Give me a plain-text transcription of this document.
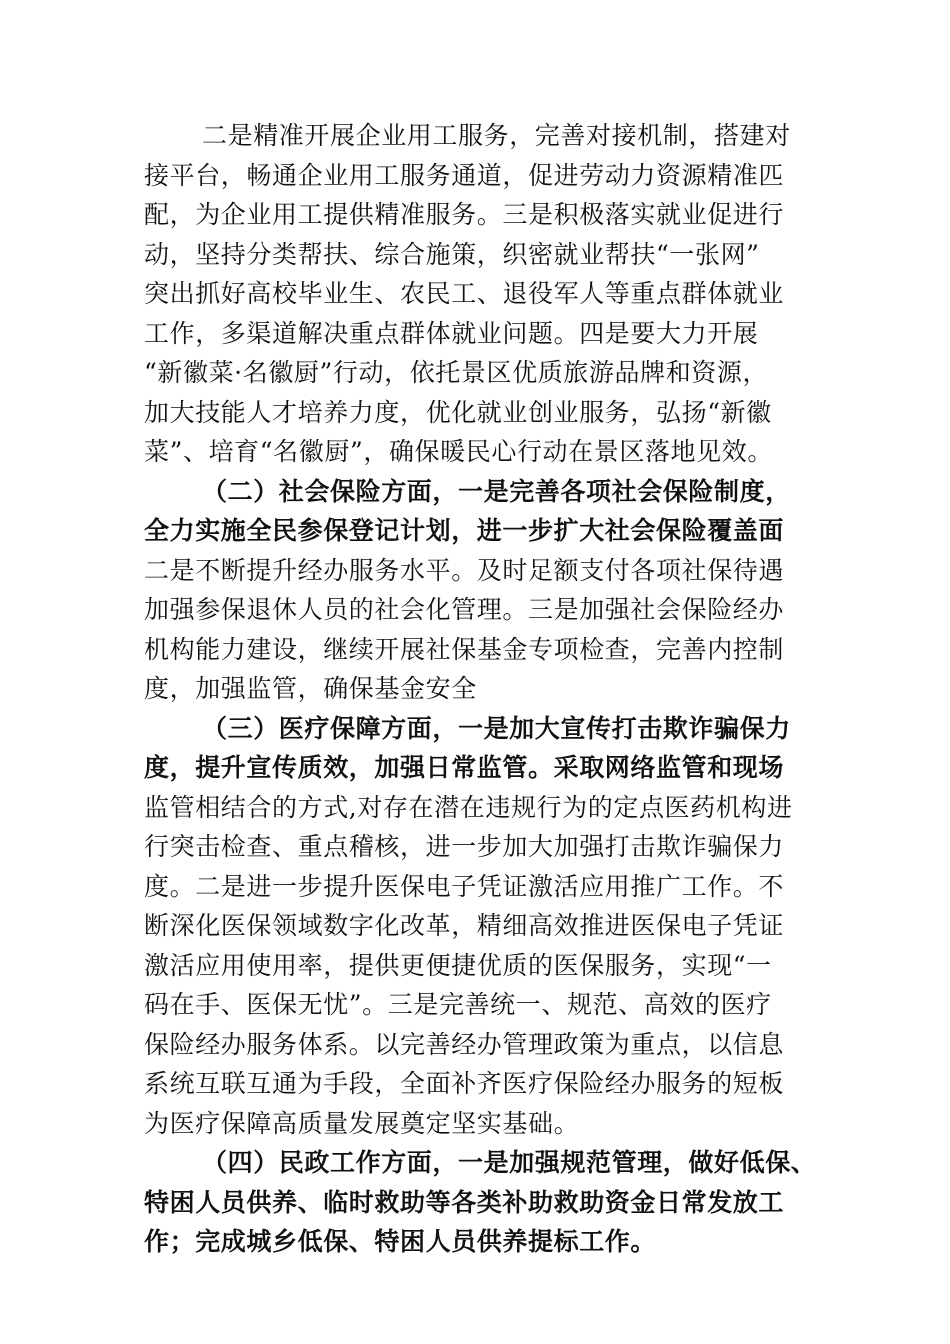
二是精准开展企业用工服务，完善对接机制，搭建对
接平台，畅通企业用工服务通道，促进劳动力资源精准匹
配，为企业用工提供精准服务。三是积极落实就业促进行
动，坚持分类帮扶、综合施策，织密就业帮扶“一张网”
突出抓好高校毕业生、农民工、退役军人等重点群体就业
工作，多渠道解决重点群体就业问题。四是要大力开展
“新徽菜·名徽厨”行动，依托景区优质旅游品牌和资源，
加大技能人才培养力度，优化就业创业服务，弘扬“新徽
菜”、培育“名徽厨”，确保暖民心行动在景区落地见效。
（二）社会保险方面，一是完善各项社会保险制度，
全力实施全民参保登记计划，进一步扩大社会保险覆盖面
二是不断提升经办服务水平。及时足额支付各项社保待遇
加强参保退休人员的社会化管理。三是加强社会保险经办
机构能力建设，继续开展社保基金专项检查，完善内控制
度，加强监管，确保基金安全
（三）医疗保障方面，一是加大宣传打击欺诈骗保力
度，提升宣传质效，加强日常监管。采取网络监管和现场
监管相结合的方式,对存在潜在违规行为的定点医药机构进
行突击检查、重点稽核，进一步加大加强打击欺诈骗保力
度。二是进一步提升医保电子凭证激活应用推广工作。不
断深化医保领域数字化改革，精细高效推进医保电子凭证
激活应用使用率，提供更便捷优质的医保服务，实现“一
码在手、医保无忧”。三是完善统一、规范、高效的医疗
保险经办服务体系。以完善经办管理政策为重点，以信息
系统互联互通为手段，全面补齐医疗保险经办服务的短板
为医疗保障高质量发展奠定坚实基础。
（四）民政工作方面，一是加强规范管理，做好低保、
特困人员供养、临时救助等各类补助救助资金日常发放工
作；完成城乡低保、特困人员供养提标工作。
